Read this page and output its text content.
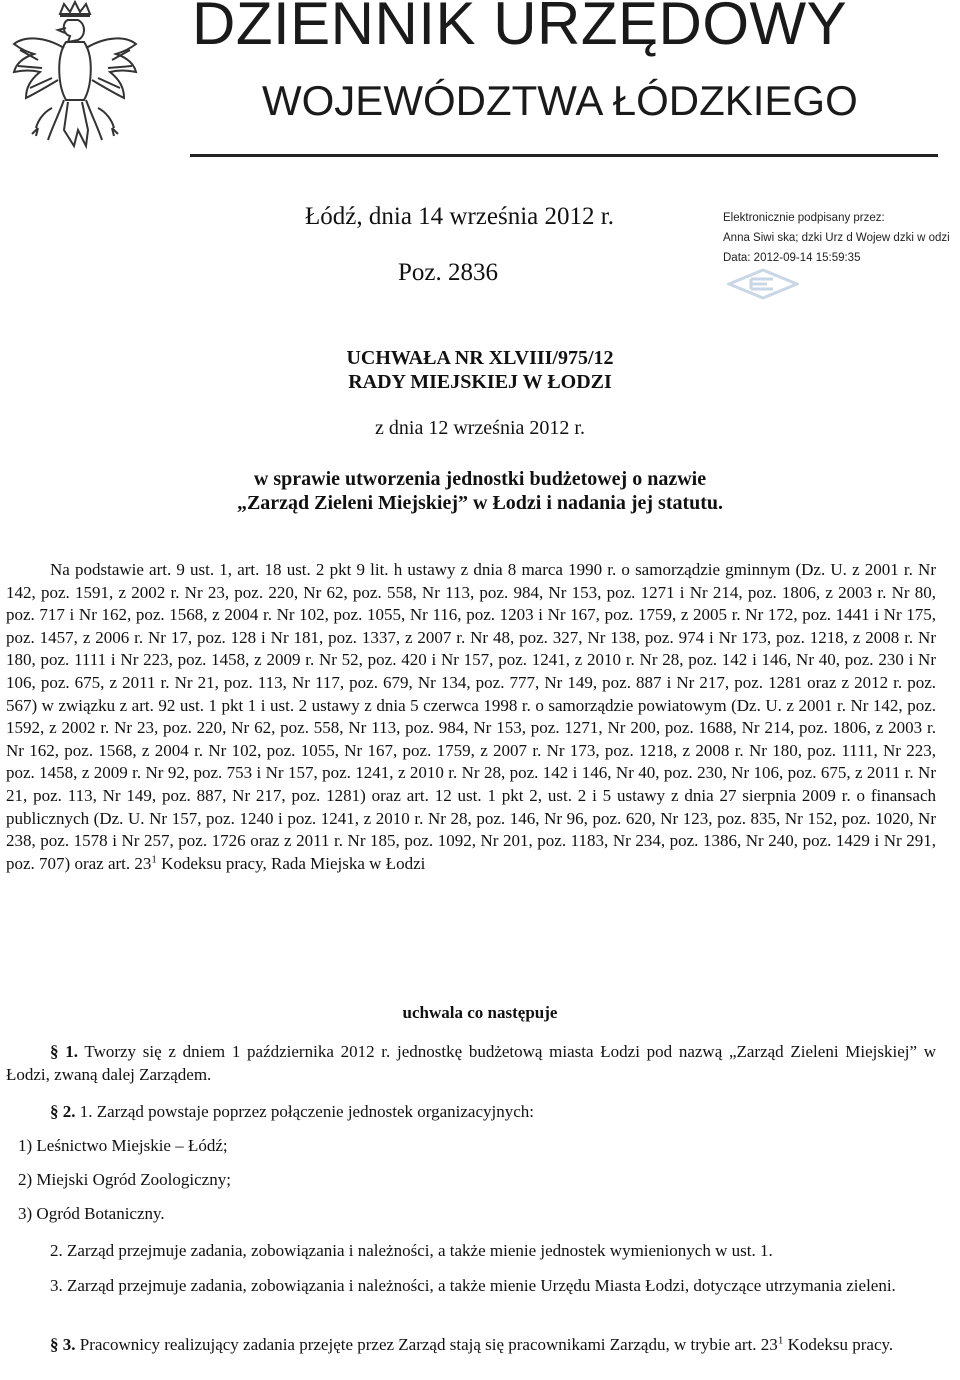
DZIENNIK URZĘDOWY
WOJEWÓDZTWA ŁÓDZKIEGO
Łódź, dnia 14 września 2012 r.
Poz. 2836
Elektronicznie podpisany przez:
Anna Siwi ska; dzki Urz d Wojew dzki w odzi
Data: 2012-09-14 15:59:35
UCHWAŁA NR XLVIII/975/12
RADY MIEJSKIEJ W ŁODZI
z dnia 12 września 2012 r.
w sprawie utworzenia jednostki budżetowej o nazwie
„Zarząd Zieleni Miejskiej” w Łodzi i nadania jej statutu.

Na podstawie art. 9 ust. 1, art. 18 ust. 2 pkt 9 lit. h ustawy z dnia 8 marca 1990 r. o samorządzie gminnym (Dz. U. z 2001 r. Nr 142, poz. 1591, z 2002 r. Nr 23, poz. 220, Nr 62, poz. 558, Nr 113, poz. 984, Nr 153, poz. 1271 i Nr 214, poz. 1806, z 2003 r. Nr 80, poz. 717 i Nr 162, poz. 1568, z 2004 r. Nr 102, poz. 1055, Nr 116, poz. 1203 i Nr 167, poz. 1759, z 2005 r. Nr 172, poz. 1441 i Nr 175, poz. 1457, z 2006 r. Nr 17, poz. 128 i Nr 181, poz. 1337, z 2007 r. Nr 48, poz. 327, Nr 138, poz. 974 i Nr 173, poz. 1218, z 2008 r. Nr 180, poz. 1111 i Nr 223, poz. 1458, z 2009 r. Nr 52, poz. 420 i Nr 157, poz. 1241, z 2010 r. Nr 28, poz. 142 i 146, Nr 40, poz. 230 i Nr 106, poz. 675, z 2011 r. Nr 21, poz. 113, Nr 117, poz. 679, Nr 134, poz. 777, Nr 149, poz. 887 i Nr 217, poz. 1281 oraz z 2012 r. poz. 567) w związku z art. 92 ust. 1 pkt 1 i ust. 2 ustawy z dnia 5 czerwca 1998 r. o samorządzie powiatowym (Dz. U. z 2001 r. Nr 142, poz. 1592, z 2002 r. Nr 23, poz. 220, Nr 62, poz. 558, Nr 113, poz. 984, Nr 153, poz. 1271, Nr 200, poz. 1688, Nr 214, poz. 1806, z 2003 r. Nr 162, poz. 1568, z 2004 r. Nr 102, poz. 1055, Nr 167, poz. 1759, z 2007 r. Nr 173, poz. 1218, z 2008 r. Nr 180, poz. 1111, Nr 223, poz. 1458, z 2009 r. Nr 92, poz. 753 i Nr 157, poz. 1241, z 2010 r. Nr 28, poz. 142 i 146, Nr 40, poz. 230, Nr 106, poz. 675, z 2011 r. Nr 21, poz. 113, Nr 149, poz. 887, Nr 217, poz. 1281) oraz art. 12 ust. 1 pkt 2, ust. 2 i 5 ustawy z dnia 27 sierpnia 2009 r. o finansach publicznych (Dz. U. Nr 157, poz. 1240 i poz. 1241, z 2010 r. Nr 28, poz. 146, Nr 96, poz. 620, Nr 123, poz. 835, Nr 152, poz. 1020, Nr 238, poz. 1578 i Nr 257, poz. 1726 oraz z 2011 r. Nr 185, poz. 1092, Nr 201, poz. 1183, Nr 234, poz. 1386, Nr 240, poz. 1429 i Nr 291, poz. 707) oraz art. $23^1$ Kodeksu pracy, Rada Miejska w Łodzi

uchwala co następuje

§ 1. Tworzy się z dniem 1 października 2012 r. jednostkę budżetową miasta Łodzi pod nazwą „Zarząd Zieleni Miejskiej” w Łodzi, zwaną dalej Zarządem.

§ 2. 1. Zarząd powstaje poprzez połączenie jednostek organizacyjnych:

1) Leśnictwo Miejskie – Łódź;
2) Miejski Ogród Zoologiczny;
3) Ogród Botaniczny.

2. Zarząd przejmuje zadania, zobowiązania i należności, a także mienie jednostek wymienionych w ust. 1.

3. Zarząd przejmuje zadania, zobowiązania i należności, a także mienie Urzędu Miasta Łodzi, dotyczące utrzymania zieleni.

§ 3. Pracownicy realizujący zadania przejęte przez Zarząd stają się pracownikami Zarządu, w trybie art. $23^1$ Kodeksu pracy.
